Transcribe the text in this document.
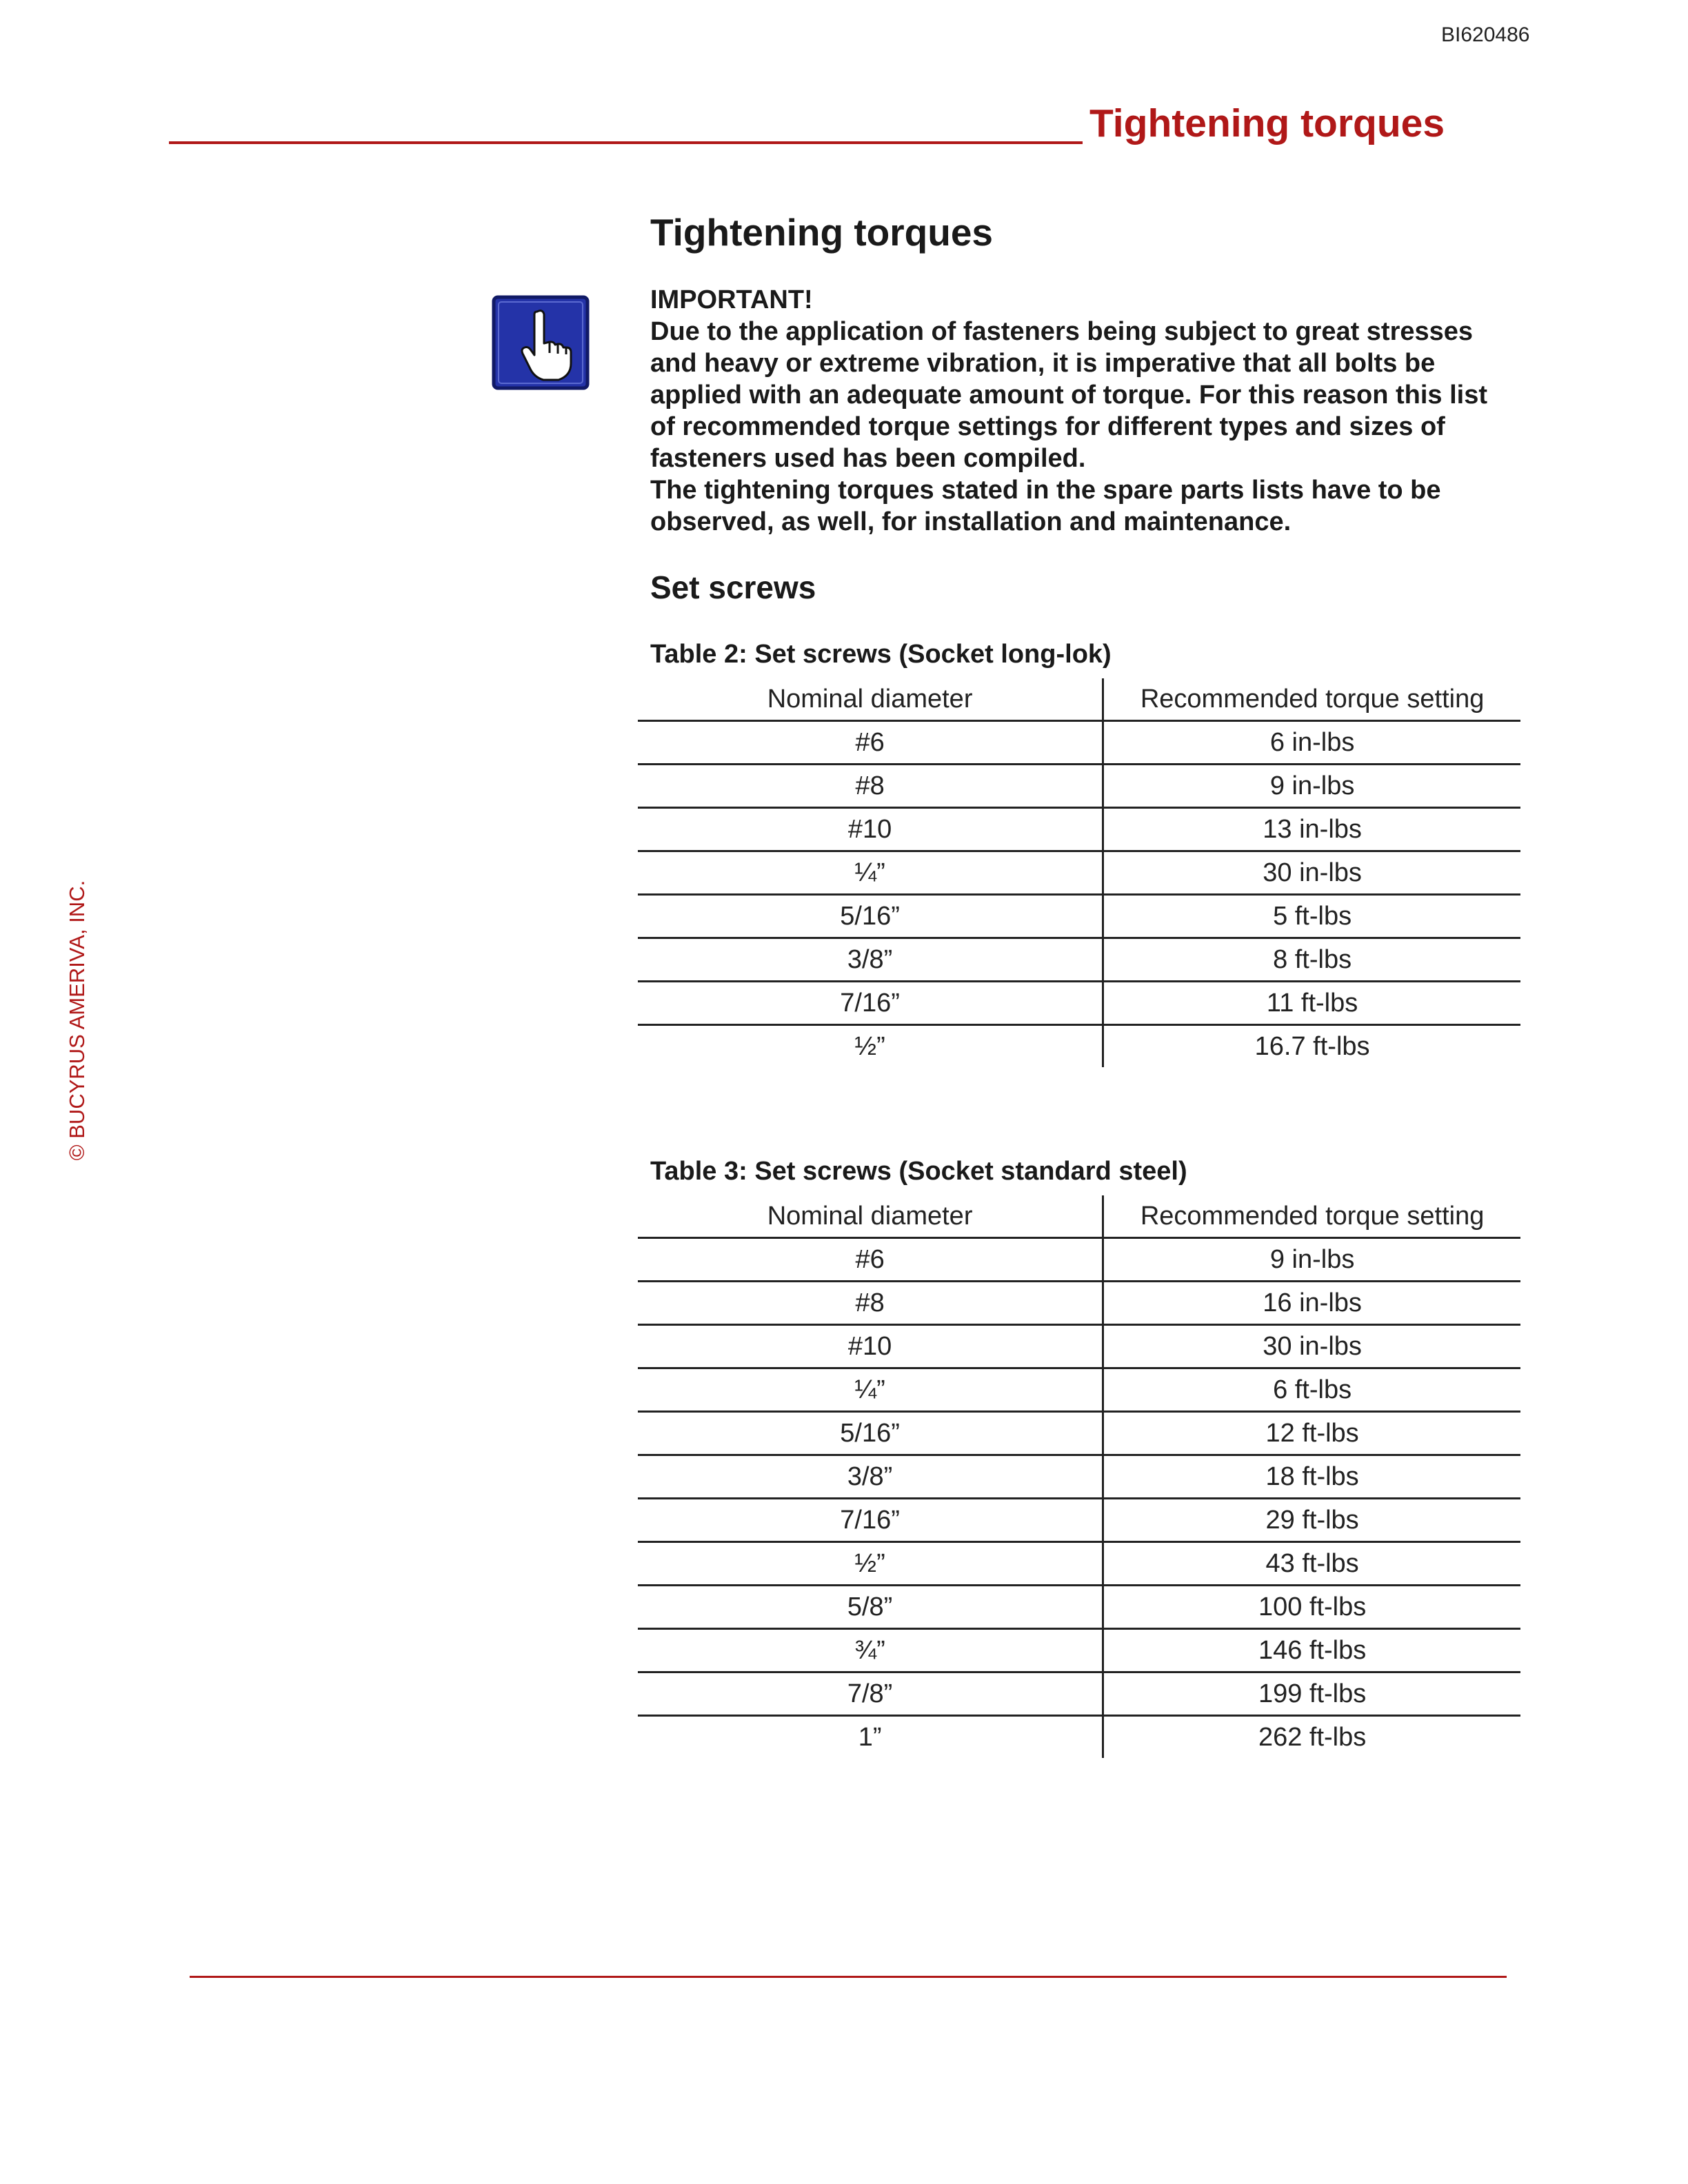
BI620486
Tightening torques
© BUCYRUS AMERIVA, INC.
Tightening torques

IMPORTANT!

Due to the application of fasteners being subject to great stresses and heavy or extreme vibration, it is imperative that all bolts be applied with an adequate amount of torque. For this reason this list of recommended torque settings for different types and sizes of fasteners used has been compiled.

The tightening torques stated in the spare parts lists have to be observed, as well, for installation and maintenance.

Set screws
Table 2: Set screws (Socket long-lok)
Nominal diameter	Recommended torque setting
#6	6 in-lbs
#8	9 in-lbs
#10	13 in-lbs
¼”	30 in-lbs
5/16”	5 ft-lbs
3/8”	8 ft-lbs
7/16”	11 ft-lbs
½”	16.7 ft-lbs
Table 3: Set screws (Socket standard steel)
Nominal diameter	Recommended torque setting
#6	9 in-lbs
#8	16 in-lbs
#10	30 in-lbs
¼”	6 ft-lbs
5/16”	12 ft-lbs
3/8”	18 ft-lbs
7/16”	29 ft-lbs
½”	43 ft-lbs
5/8”	100 ft-lbs
¾”	146 ft-lbs
7/8”	199 ft-lbs
1”	262 ft-lbs
